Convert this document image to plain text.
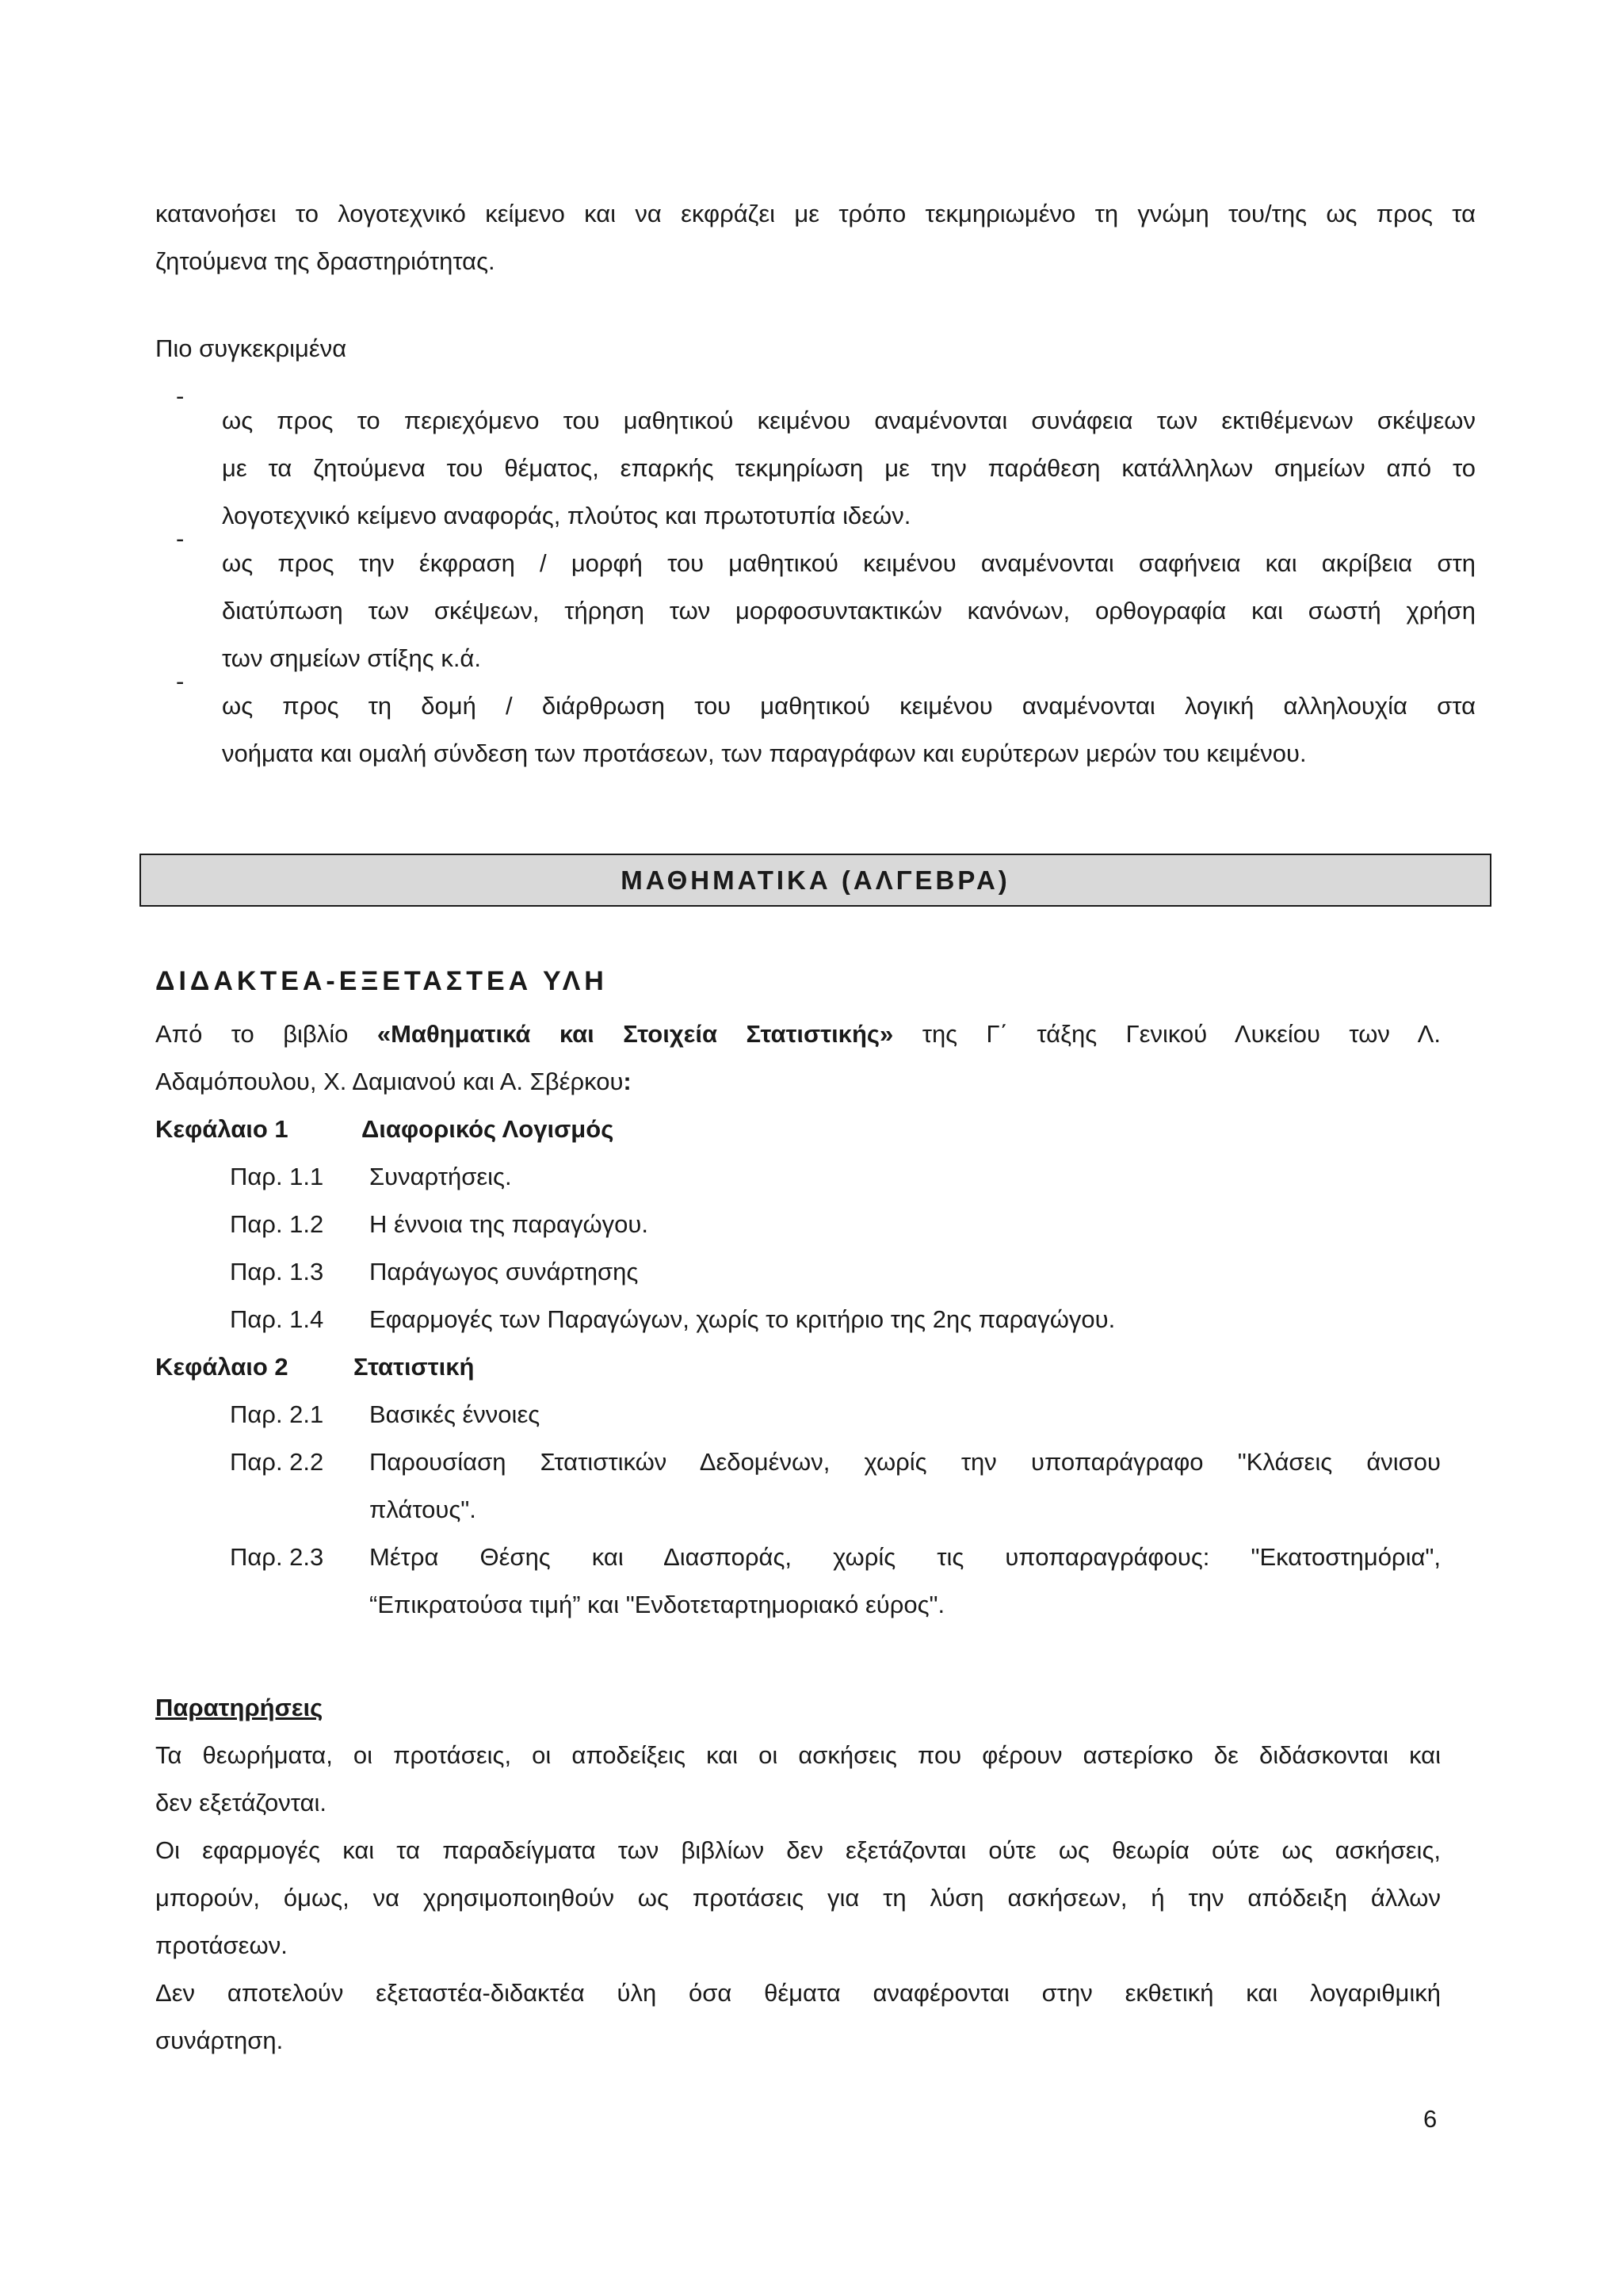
κατανοήσει το λογοτεχνικό κείμενο και να εκφράζει με τρόπο τεκμηριωμένο τη γνώμη του/της ως προς τα

ζητούμενα της δραστηριότητας.

Πιο συγκεκριμένα

-

ως προς το περιεχόμενο του μαθητικού κειμένου αναμένονται συνάφεια των εκτιθέμενων σκέψεων

με τα ζητούμενα του θέματος, επαρκής τεκμηρίωση με την παράθεση κατάλληλων σημείων από το

λογοτεχνικό κείμενο αναφοράς, πλούτος και πρωτοτυπία ιδεών.

-

ως προς την έκφραση / μορφή του μαθητικού κειμένου αναμένονται σαφήνεια και ακρίβεια στη

διατύπωση των σκέψεων, τήρηση των μορφοσυντακτικών κανόνων, ορθογραφία και σωστή χρήση

των σημείων στίξης κ.ά.

-

ως προς τη δομή / διάρθρωση του μαθητικού κειμένου αναμένονται λογική αλληλουχία στα

νοήματα και ομαλή σύνδεση των προτάσεων, των παραγράφων και ευρύτερων μερών του κειμένου.

ΜΑΘΗΜΑΤΙΚΑ (ΑΛΓΕΒΡΑ)
ΔΙΔΑΚΤΕΑ-ΕΞΕΤΑΣΤΕΑ ΥΛΗ

Από το βιβλίο «Μαθηματικά και Στοιχεία Στατιστικής» της Γ΄ τάξης Γενικού Λυκείου των Λ.

Αδαμόπουλου, Χ. Δαμιανού και Α. Σβέρκου:

Κεφάλαιο 1	Διαφορικός Λογισμός
Παρ. 1.1 Συναρτήσεις.
Παρ. 1.2 Η έννοια της παραγώγου.
Παρ. 1.3 Παράγωγος συνάρτησης
Παρ. 1.4 Εφαρμογές των Παραγώγων, χωρίς το κριτήριο της 2ης παραγώγου.
Κεφάλαιο 2	Στατιστική
Παρ. 2.1 Βασικές έννοιες
Παρ. 2.2 Παρουσίαση Στατιστικών Δεδομένων, χωρίς την υποπαράγραφο "Κλάσεις άνισου
πλάτους".
Παρ. 2.3 Μέτρα Θέσης και Διασποράς, χωρίς τις υποπαραγράφους: "Εκατοστημόρια",
“Επικρατούσα τιμή” και "Ενδοτεταρτημοριακό εύρος".

Παρατηρήσεις

Τα θεωρήματα, οι προτάσεις, οι αποδείξεις και οι ασκήσεις που φέρουν αστερίσκο δε διδάσκονται και

δεν εξετάζονται.

Οι εφαρμογές και τα παραδείγματα των βιβλίων δεν εξετάζονται ούτε ως θεωρία ούτε ως ασκήσεις,

μπορούν, όμως, να χρησιμοποιηθούν ως προτάσεις για τη λύση ασκήσεων, ή την απόδειξη άλλων

προτάσεων.

Δεν αποτελούν εξεταστέα-διδακτέα ύλη όσα θέματα αναφέρονται στην εκθετική και λογαριθμική

συνάρτηση.

6
